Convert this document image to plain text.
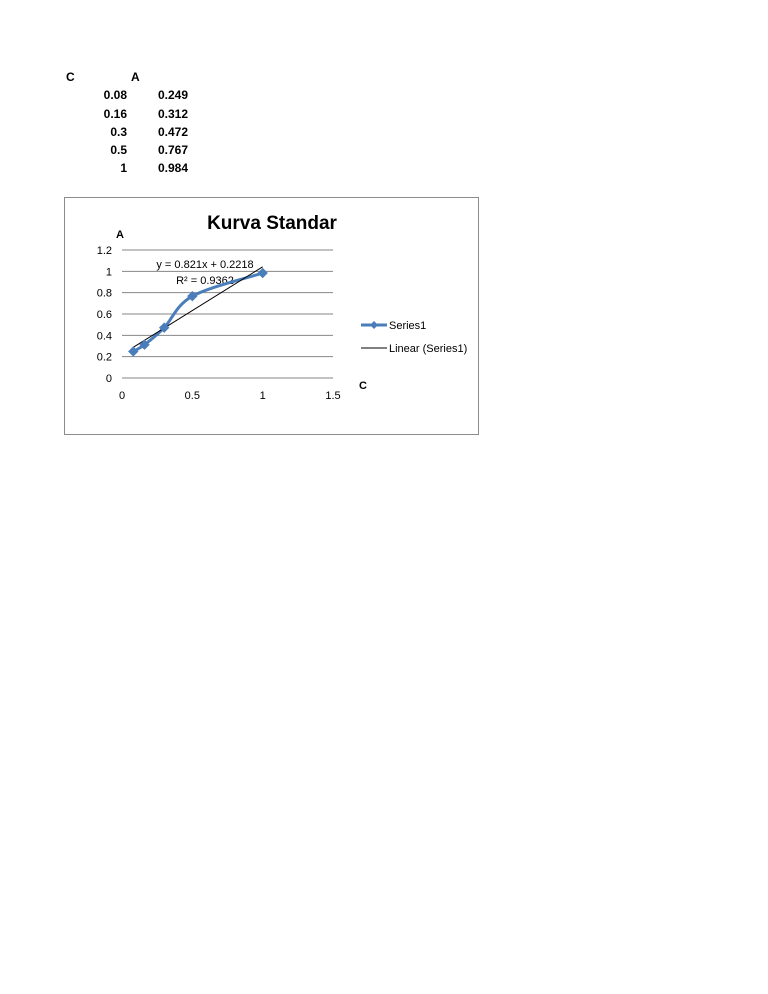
C	A
0.08	0.249
0.16	0.312
0.3	0.472
0.5	0.767
1	0.984
Kurva Standar
A
C
y = 0.821x + 0.2218
R² = 0.9362
0
0.2
0.4
0.6
0.8
1
1.2
0	0.5	1	1.5
Series1
Linear (Series1)
